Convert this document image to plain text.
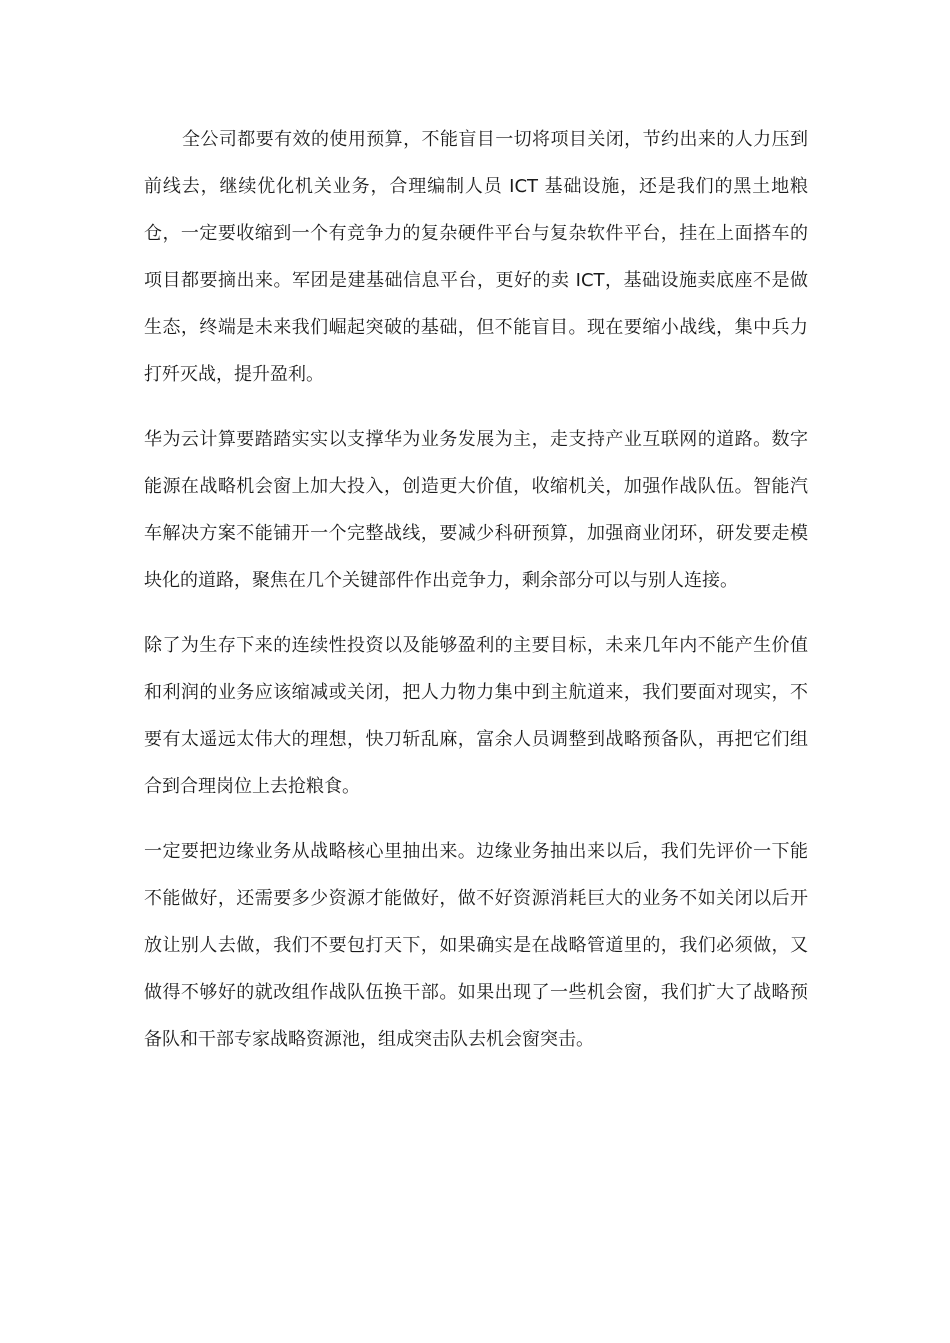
全公司都要有效的使用预算，不能盲目一切将项目关闭，节约出来的人力压到前线去，继续优化机关业务，合理编制人员 ICT 基础设施，还是我们的黑土地粮仓，一定要收缩到一个有竞争力的复杂硬件平台与复杂软件平台，挂在上面搭车的项目都要摘出来。军团是建基础信息平台，更好的卖 ICT，基础设施卖底座不是做生态，终端是未来我们崛起突破的基础，但不能盲目。现在要缩小战线，集中兵力打歼灭战，提升盈利。

华为云计算要踏踏实实以支撑华为业务发展为主，走支持产业互联网的道路。数字能源在战略机会窗上加大投入，创造更大价值，收缩机关，加强作战队伍。智能汽车解决方案不能铺开一个完整战线，要减少科研预算，加强商业闭环，研发要走模块化的道路，聚焦在几个关键部件作出竞争力，剩余部分可以与别人连接。

除了为生存下来的连续性投资以及能够盈利的主要目标，未来几年内不能产生价值和利润的业务应该缩减或关闭，把人力物力集中到主航道来，我们要面对现实，不要有太遥远太伟大的理想，快刀斩乱麻，富余人员调整到战略预备队，再把它们组合到合理岗位上去抢粮食。

一定要把边缘业务从战略核心里抽出来。边缘业务抽出来以后，我们先评价一下能不能做好，还需要多少资源才能做好，做不好资源消耗巨大的业务不如关闭以后开放让别人去做，我们不要包打天下，如果确实是在战略管道里的，我们必须做，又做得不够好的就改组作战队伍换干部。如果出现了一些机会窗，我们扩大了战略预备队和干部专家战略资源池，组成突击队去机会窗突击。
